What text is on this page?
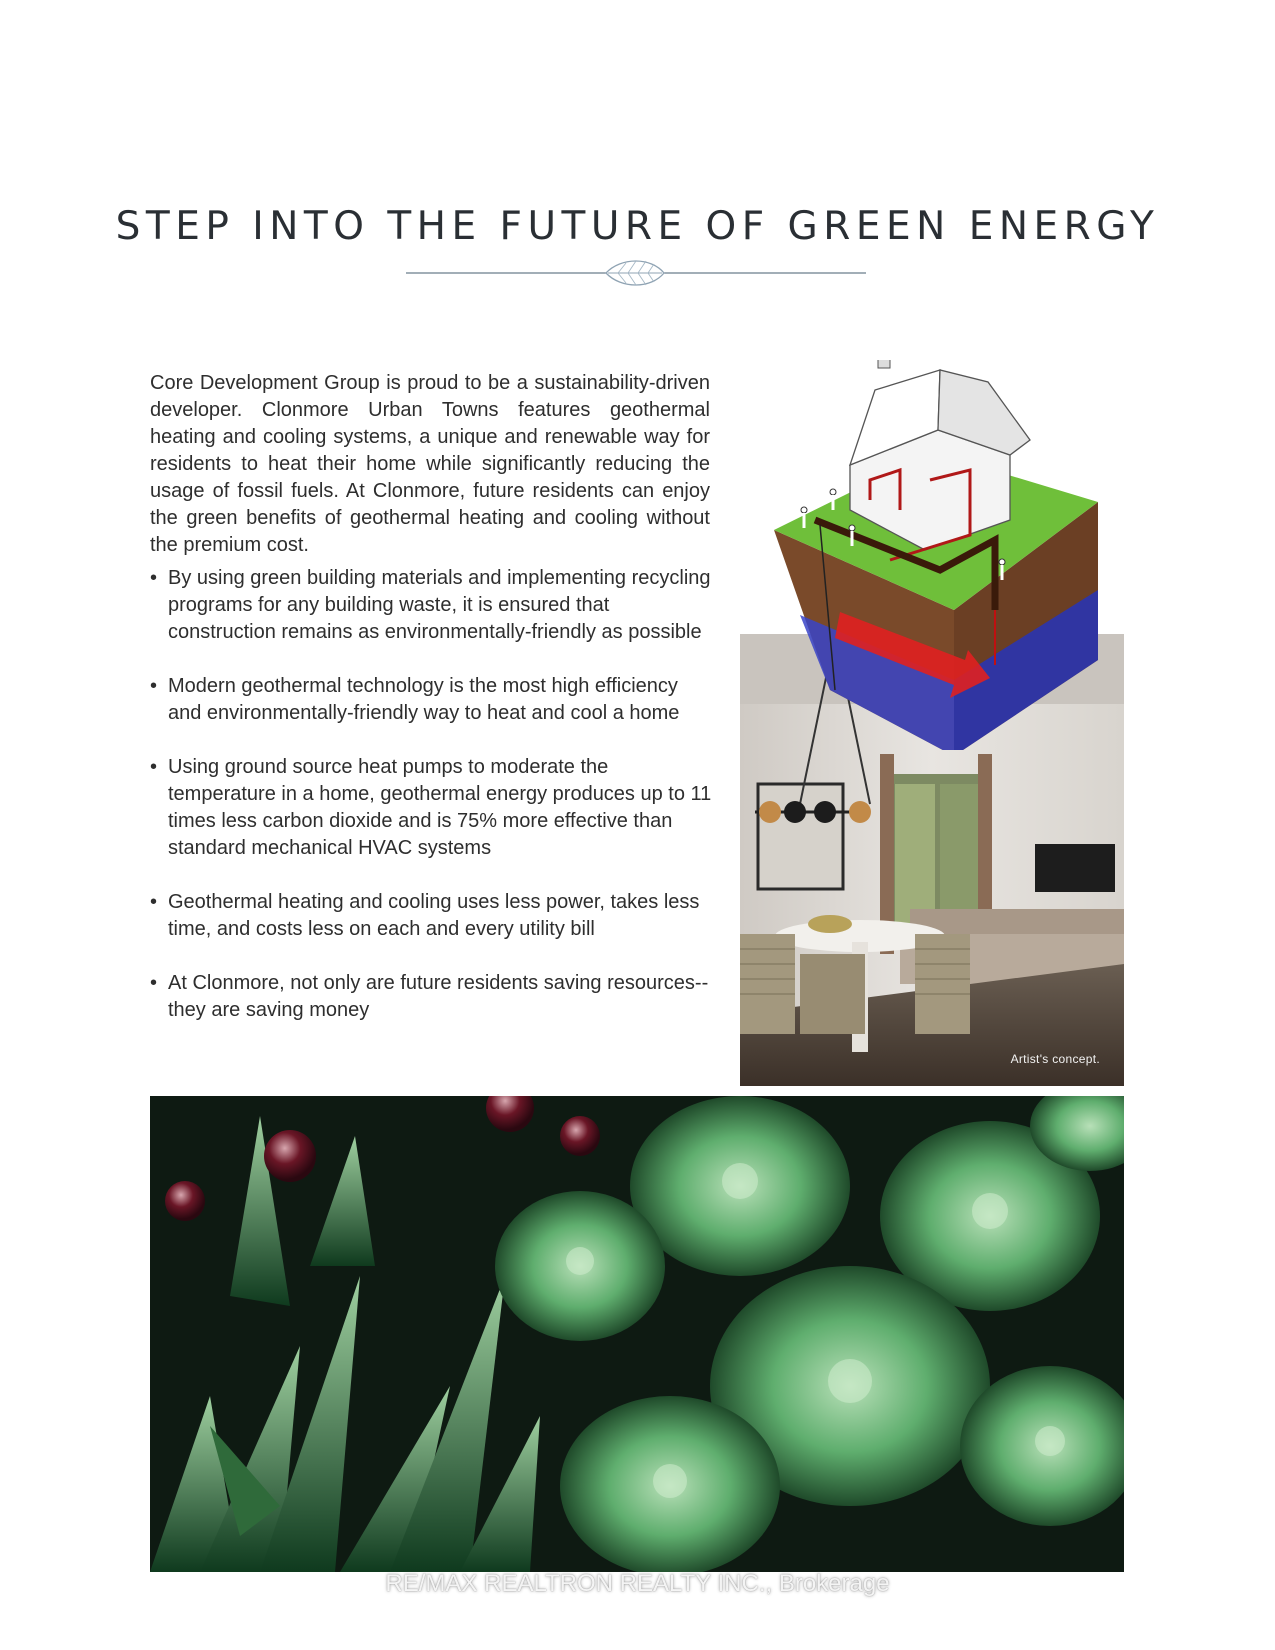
STEP INTO THE FUTURE OF GREEN ENERGY

Core Development Group is proud to be a sustainability-driven developer. Clonmore Urban Towns features geothermal heating and cooling systems, a unique and renewable way for residents to heat their home while significantly reducing the usage of fossil fuels. At Clonmore, future residents can enjoy the green benefits of geothermal heating and cooling without the premium cost.

• By using green building materials and implementing recycling programs for any building waste, it is ensured that construction remains as environmentally-friendly as possible
• Modern geothermal technology is the most high efficiency and environmentally-friendly way to heat and cool a home
• Using ground source heat pumps to moderate the temperature in a home, geothermal energy produces up to 11 times less carbon dioxide and is 75% more effective than standard mechanical HVAC systems
• Geothermal heating and cooling uses less power, takes less time, and costs less on each and every utility bill
• At Clonmore, not only are future residents saving resources--they are saving money
Artist's concept.
RE/MAX REALTRON REALTY INC., Brokerage
